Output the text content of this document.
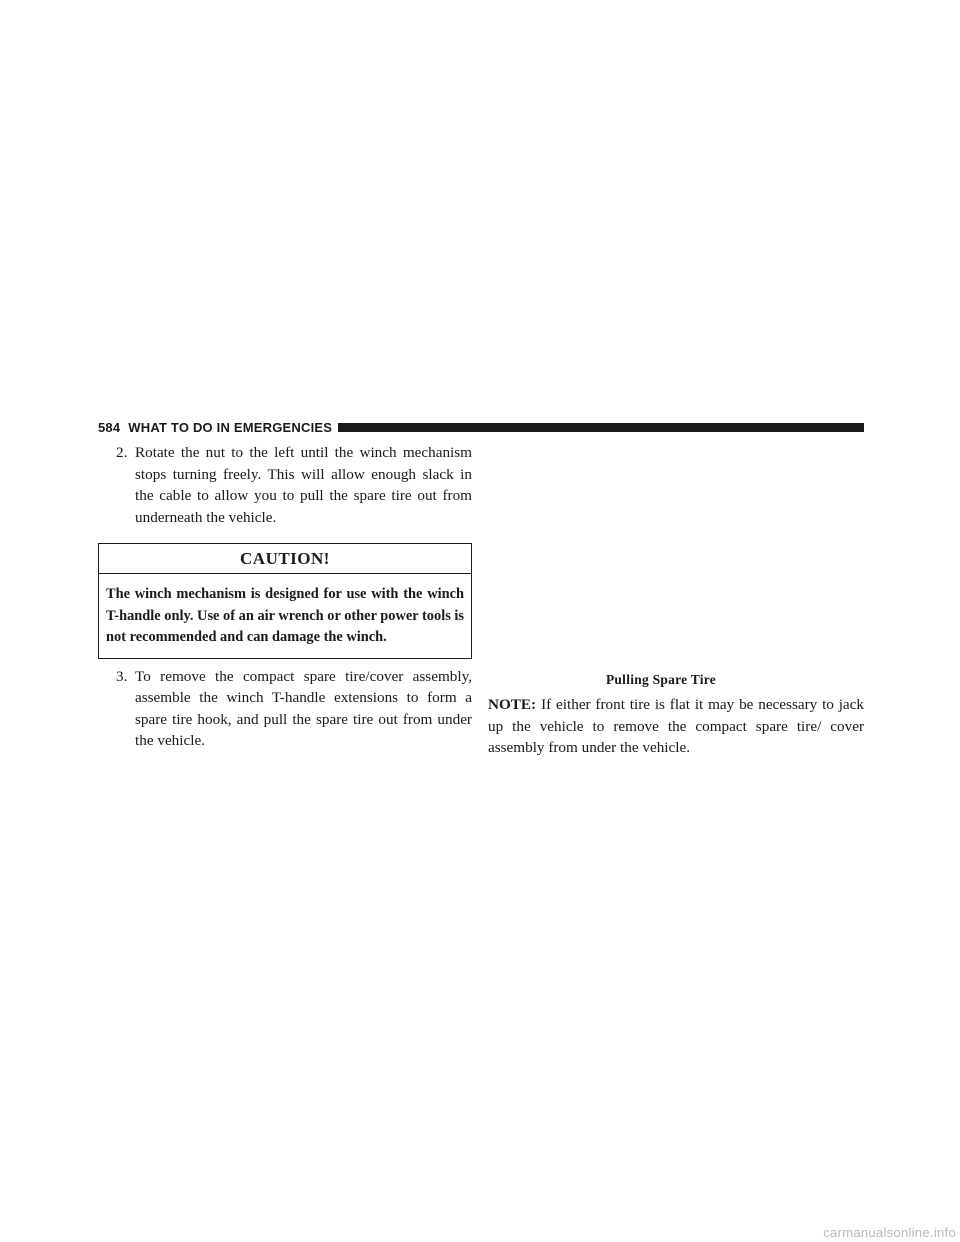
584 WHAT TO DO IN EMERGENCIES

2. Rotate the nut to the left until the winch mechanism stops turning freely. This will allow enough slack in the cable to allow you to pull the spare tire out from underneath the vehicle.

CAUTION!
The winch mechanism is designed for use with the winch T-handle only. Use of an air wrench or other power tools is not recommended and can damage the winch.

3. To remove the compact spare tire/cover assembly, assemble the winch T-handle extensions to form a spare tire hook, and pull the spare tire out from under the vehicle.

Pulling Spare Tire

NOTE: If either front tire is flat it may be necessary to jack up the vehicle to remove the compact spare tire/ cover assembly from under the vehicle.

carmanualsonline.info
